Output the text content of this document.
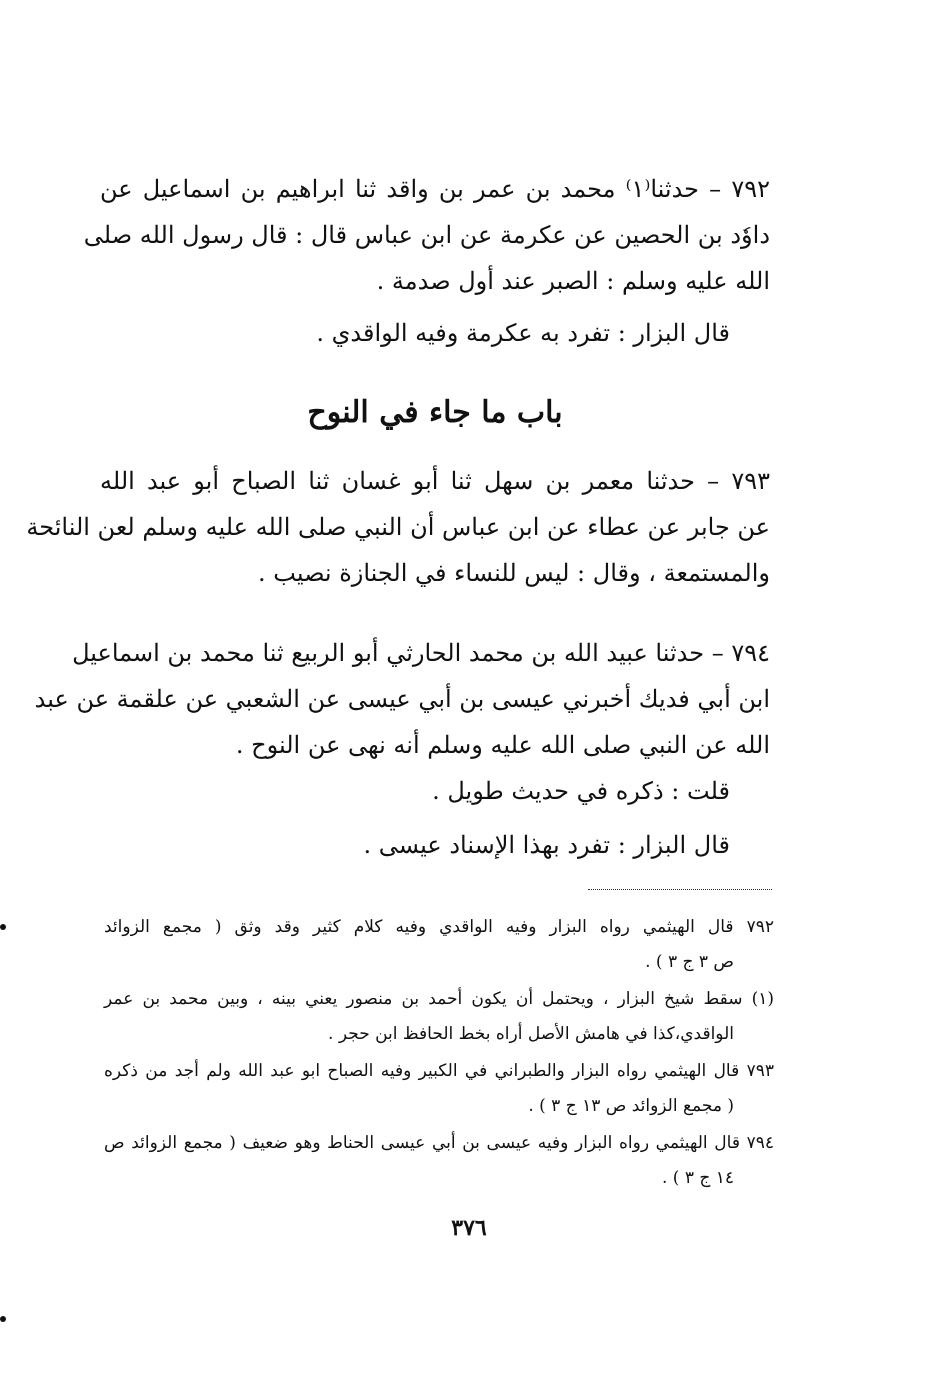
٧٩٢ – حدثنا⁽١⁾ محمد بن عمر بن واقد ثنا ابراهيم بن اسماعيل عن
داوٗد بن الحصين عن عكرمة عن ابن عباس قال : قال رسول الله صلى
الله عليه وسلم : الصبر عند أول صدمة .
قال البزار : تفرد به عكرمة وفيه الواقدي .
باب ما جاء في النوح
٧٩٣ – حدثنا معمر بن سهل ثنا أبو غسان ثنا الصباح أبو عبد الله
عن جابر عن عطاء عن ابن عباس أن النبي صلى الله عليه وسلم لعن النائحة
والمستمعة ، وقال : ليس للنساء في الجنازة نصيب .
٧٩٤ – حدثنا عبيد الله بن محمد الحارثي أبو الربيع ثنا محمد بن اسماعيل
ابن أبي فديك أخبرني عيسى بن أبي عيسى عن الشعبي عن علقمة عن عبد
الله عن النبي صلى الله عليه وسلم أنه نهى عن النوح .
قلت : ذكره في حديث طويل .
قال البزار : تفرد بهذا الإسناد عيسى .
٧٩٢ قال الهيثمي رواه البزار وفيه الواقدي وفيه كلام كثير وقد وثق ( مجمع الزوائد
ص ٣ ج ٣ ) .
(١) سقط شيخ البزار ، ويحتمل أن يكون أحمد بن منصور يعني بينه ، وبين محمد بن عمر
الواقدي،كذا في هامش الأصل أراه بخط الحافظ ابن حجر .
٧٩٣ قال الهيثمي رواه البزار والطبراني في الكبير وفيه الصباح ابو عبد الله ولم أجد من ذكره
( مجمع الزوائد ص ١٣ ج ٣ ) .
٧٩٤ قال الهيثمي رواه البزار وفيه عيسى بن أبي عيسى الحناط وهو ضعيف ( مجمع الزوائد ص
١٤ ج ٣ ) .
٣٧٦
